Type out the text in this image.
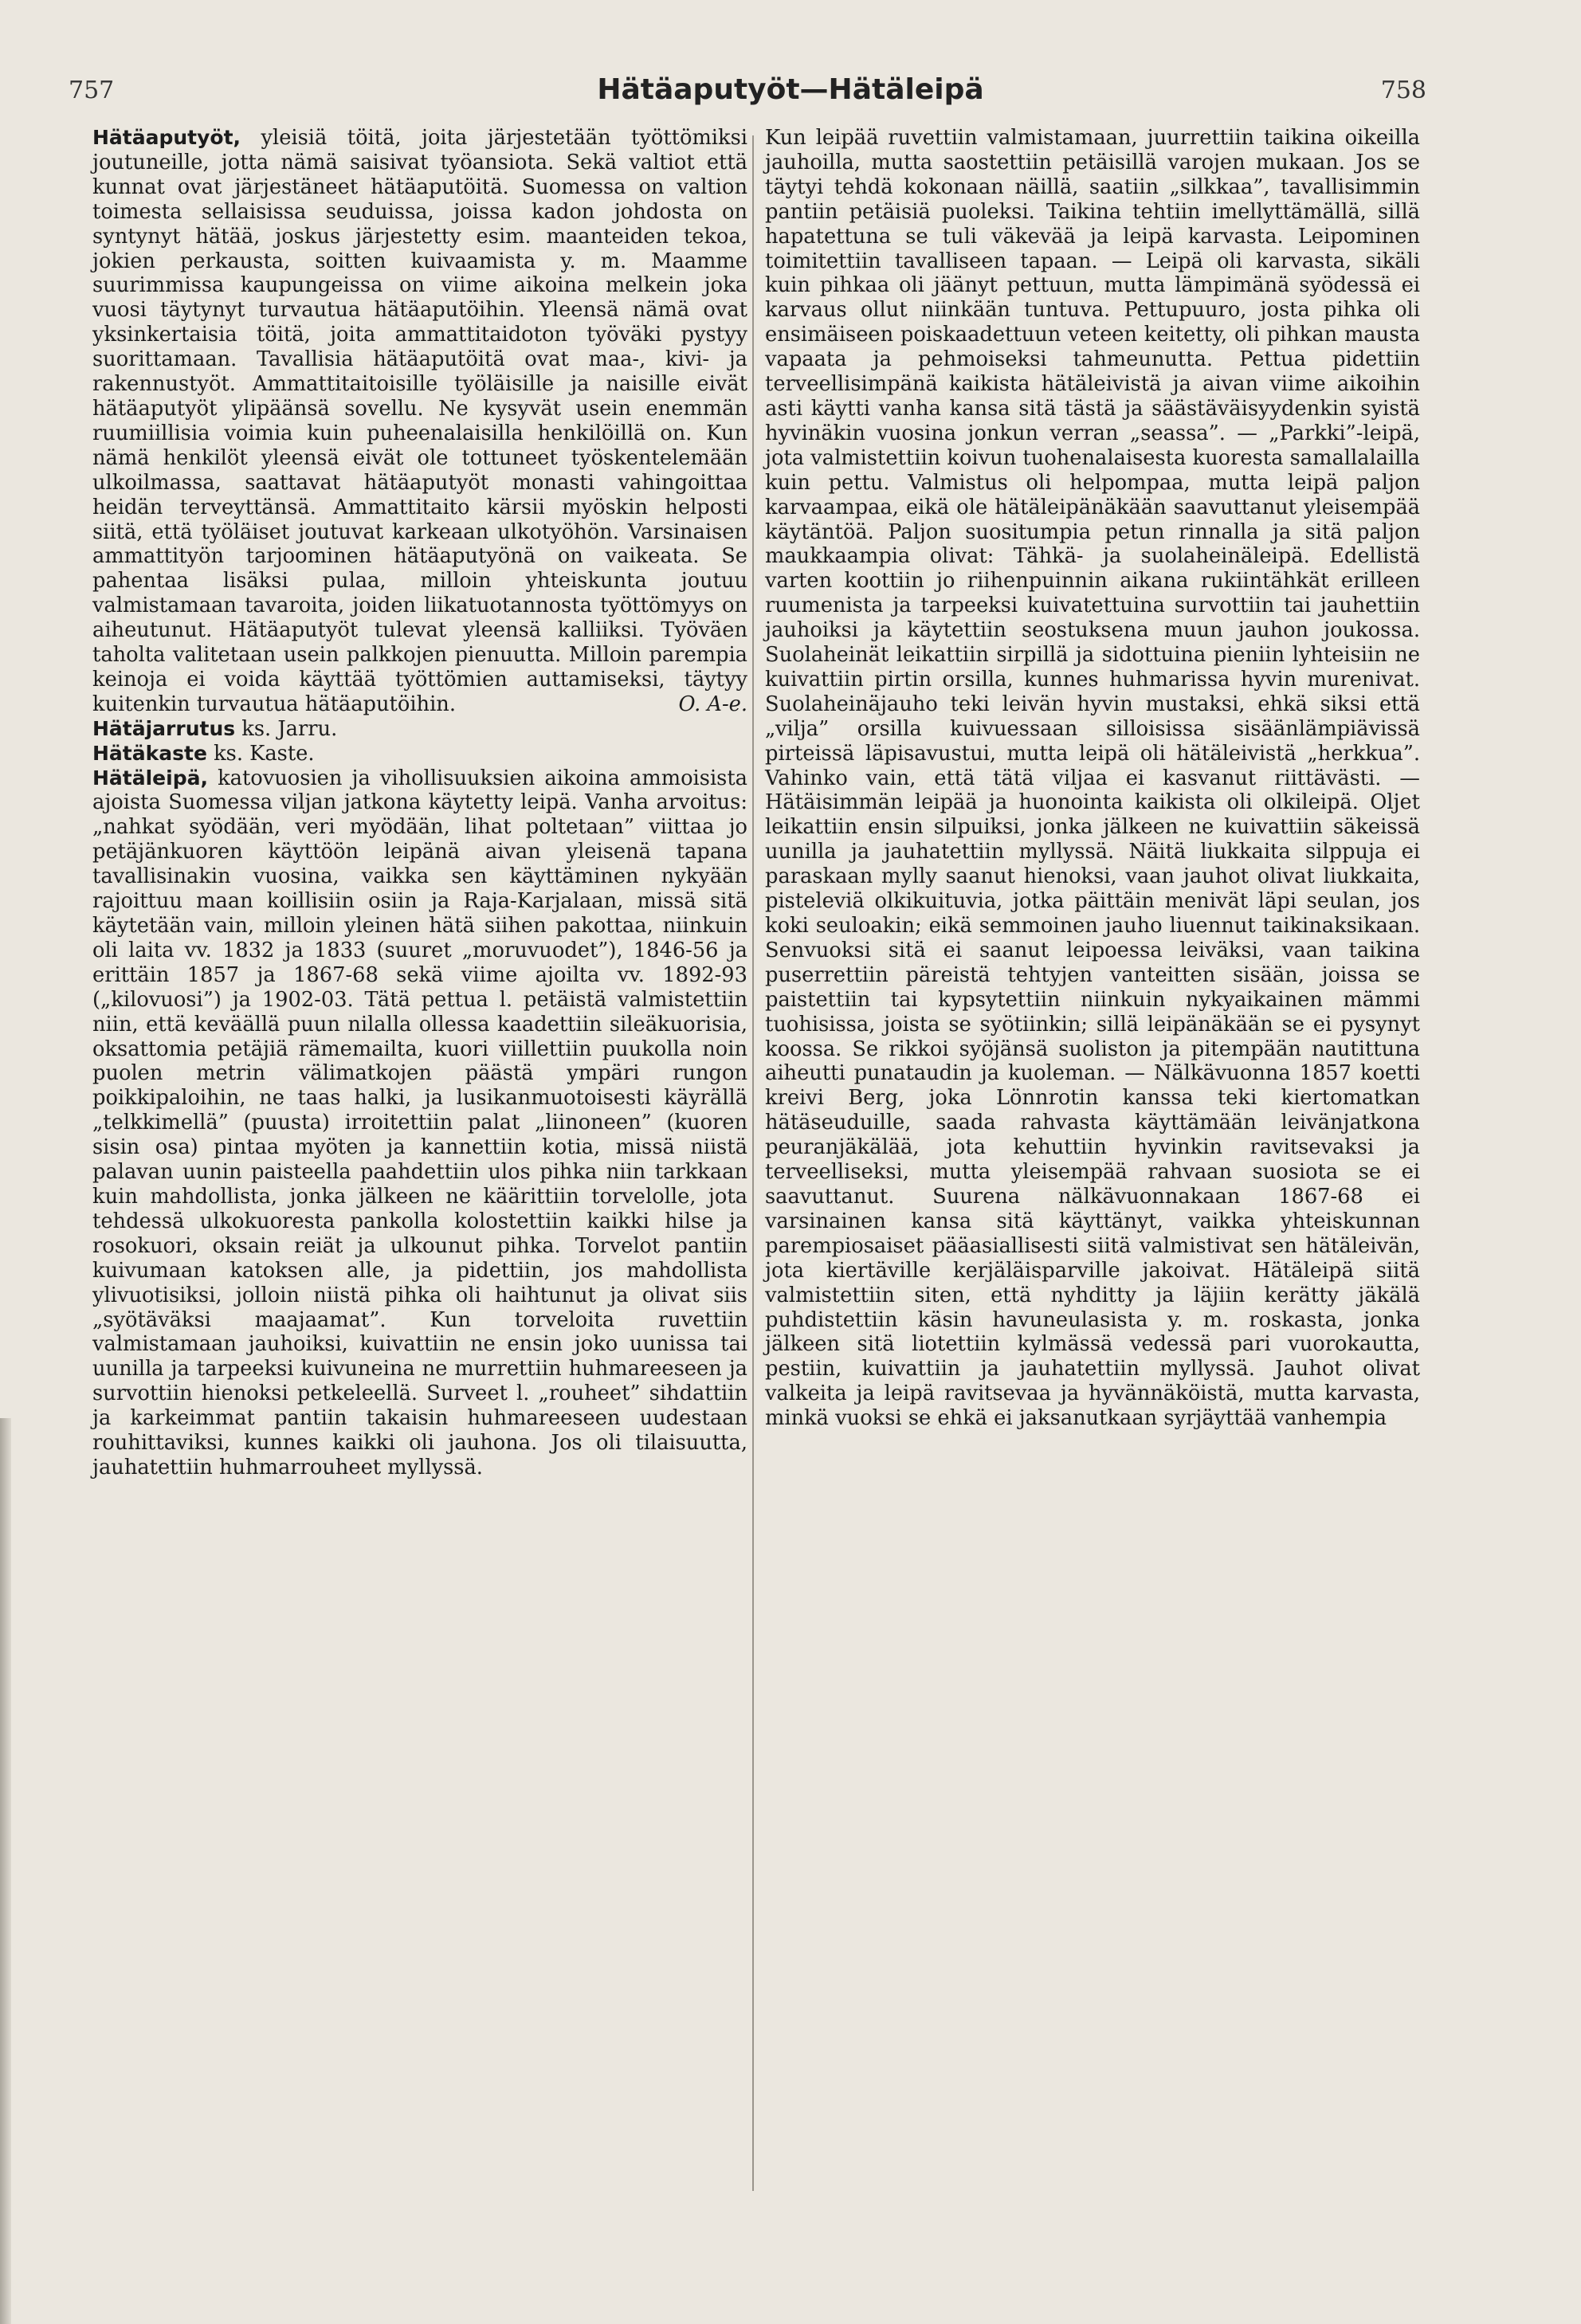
757	Hätäaputyöt—Hätäleipä	758

Hätäaputyöt, yleisiä töitä, joita järjestetään työttömiksi joutuneille, jotta nämä saisivat työansiota. Sekä valtiot että kunnat ovat järjestäneet hätäaputöitä. Suomessa on valtion toimesta sellaisissa seuduissa, joissa kadon johdosta on syntynyt hätää, joskus järjestetty esim. maanteiden tekoa, jokien perkausta, soitten kuivaamista y. m. Maamme suurimmissa kaupungeissa on viime aikoina melkein joka vuosi täytynyt turvautua hätäaputöihin. Yleensä nämä ovat yksinkertaisia töitä, joita ammattitaidoton työväki pystyy suorittamaan. Tavallisia hätäaputöitä ovat maa-, kivi- ja rakennustyöt. Ammattitaitoisille työläisille ja naisille eivät hätäaputyöt ylipäänsä sovellu. Ne kysyvät usein enemmän ruumiillisia voimia kuin puheenalaisilla henkilöillä on. Kun nämä henkilöt yleensä eivät ole tottuneet työskentelemään ulkoilmassa, saattavat hätäaputyöt monasti vahingoittaa heidän terveyttänsä. Ammattitaito kärsii myöskin helposti siitä, että työläiset joutuvat karkeaan ulkotyöhön. Varsinaisen ammattityön tarjoominen hätäaputyönä on vaikeata. Se pahentaa lisäksi pulaa, milloin yhteiskunta joutuu valmistamaan tavaroita, joiden liikatuotannosta työttömyys on aiheutunut. Hätäaputyöt tulevat yleensä kalliiksi. Työväen taholta valitetaan usein palkkojen pienuutta. Milloin parempia keinoja ei voida käyttää työttömien auttamiseksi, täytyy kuitenkin turvautua hätäaputöihin.	O. A-e.

Hätäjarrutus ks. Jarru.

Hätäkaste ks. Kaste.

Hätäleipä, katovuosien ja vihollisuuksien aikoina ammoisista ajoista Suomessa viljan jatkona käytetty leipä. Vanha arvoitus: „nahkat syödään, veri myödään, lihat poltetaan” viittaa jo petäjänkuoren käyttöön leipänä aivan yleisenä tapana tavallisinakin vuosina, vaikka sen käyttäminen nykyään rajoittuu maan koillisiin osiin ja Raja-Karjalaan, missä sitä käytetään vain, milloin yleinen hätä siihen pakottaa, niinkuin oli laita vv. 1832 ja 1833 (suuret „moruvuodet”), 1846-56 ja erittäin 1857 ja 1867-68 sekä viime ajoilta vv. 1892-93 („kilovuosi”) ja 1902-03. Tätä pettua l. petäistä valmistettiin niin, että keväällä puun nilalla ollessa kaadettiin sileäkuorisia, oksattomia petäjiä rämemailta, kuori viillettiin puukolla noin puolen metrin välimatkojen päästä ympäri rungon poikkipaloihin, ne taas halki, ja lusikanmuotoisesti käyrällä „telkkimellä” (puusta) irroitettiin palat „liinoneen” (kuoren sisin osa) pintaa myöten ja kannettiin kotia, missä niistä palavan uunin paisteella paahdettiin ulos pihka niin tarkkaan kuin mahdollista, jonka jälkeen ne käärittiin torvelolle, jota tehdessä ulkokuoresta pankolla kolostettiin kaikki hilse ja rosokuori, oksain reiät ja ulkounut pihka. Torvelot pantiin kuivumaan katoksen alle, ja pidettiin, jos mahdollista ylivuotisiksi, jolloin niistä pihka oli haihtunut ja olivat siis „syötäväksi maajaamat”. Kun torveloita ruvettiin valmistamaan jauhoiksi, kuivattiin ne ensin joko uunissa tai uunilla ja tarpeeksi kuivuneina ne murrettiin huhmareeseen ja survottiin hienoksi petkeleellä. Surveet l. „rouheet” sihdattiin ja karkeimmat pantiin takaisin huhmareeseen uudestaan rouhittaviksi, kunnes kaikki oli jauhona. Jos oli tilaisuutta, jauhatettiin huhmarrouheet myllyssä.

Kun leipää ruvettiin valmistamaan, juurrettiin taikina oikeilla jauhoilla, mutta saostettiin petäisillä varojen mukaan. Jos se täytyi tehdä kokonaan näillä, saatiin „silkkaa”, tavallisimmin pantiin petäisiä puoleksi. Taikina tehtiin imellyttämällä, sillä hapatettuna se tuli väkevää ja leipä karvasta. Leipominen toimitettiin tavalliseen tapaan. — Leipä oli karvasta, sikäli kuin pihkaa oli jäänyt pettuun, mutta lämpimänä syödessä ei karvaus ollut niinkään tuntuva. Pettupuuro, josta pihka oli ensimäiseen poiskaadettuun veteen keitetty, oli pihkan mausta vapaata ja pehmoiseksi tahmeunutta. Pettua pidettiin terveellisimpänä kaikista hätäleivistä ja aivan viime aikoihin asti käytti vanha kansa sitä tästä ja säästäväisyydenkin syistä hyvinäkin vuosina jonkun verran „seassa”. — „Parkki”-leipä, jota valmistettiin koivun tuohenalaisesta kuoresta samallalailla kuin pettu. Valmistus oli helpompaa, mutta leipä paljon karvaampaa, eikä ole hätäleipänäkään saavuttanut yleisempää käytäntöä. Paljon suositumpia petun rinnalla ja sitä paljon maukkaampia olivat: Tähkä- ja suolaheinäleipä. Edellistä varten koottiin jo riihenpuinnin aikana rukiintähkät erilleen ruumenista ja tarpeeksi kuivatettuina survottiin tai jauhettiin jauhoiksi ja käytettiin seostuksena muun jauhon joukossa. Suolaheinät leikattiin sirpillä ja sidottuina pieniin lyhteisiin ne kuivattiin pirtin orsilla, kunnes huhmarissa hyvin murenivat. Suolaheinäjauho teki leivän hyvin mustaksi, ehkä siksi että „vilja” orsilla kuivuessaan silloisissa sisäänlämpiävissä pirteissä läpisavustui, mutta leipä oli hätäleivistä „herkkua”. Vahinko vain, että tätä viljaa ei kasvanut riittävästi. — Hätäisimmän leipää ja huonointa kaikista oli olkileipä. Oljet leikattiin ensin silpuiksi, jonka jälkeen ne kuivattiin säkeissä uunilla ja jauhatettiin myllyssä. Näitä liukkaita silppuja ei paraskaan mylly saanut hienoksi, vaan jauhot olivat liukkaita, pisteleviä olkikuituvia, jotka päittäin menivät läpi seulan, jos koki seuloakin; eikä semmoinen jauho liuennut taikinaksikaan. Senvuoksi sitä ei saanut leipoessa leiväksi, vaan taikina puserrettiin päreistä tehtyjen vanteitten sisään, joissa se paistettiin tai kypsytettiin niinkuin nykyaikainen mämmi tuohisissa, joista se syötiinkin; sillä leipänäkään se ei pysynyt koossa. Se rikkoi syöjänsä suoliston ja pitempään nautittuna aiheutti punataudin ja kuoleman. — Nälkävuonna 1857 koetti kreivi Berg, joka Lönnrotin kanssa teki kiertomatkan hätäseuduille, saada rahvasta käyttämään leivänjatkona peuranjäkälää, jota kehuttiin hyvinkin ravitsevaksi ja terveelliseksi, mutta yleisempää rahvaan suosiota se ei saavuttanut. Suurena nälkävuonnakaan 1867-68 ei varsinainen kansa sitä käyttänyt, vaikka yhteiskunnan parempiosaiset pääasiallisesti siitä valmistivat sen hätäleivän, jota kiertäville kerjäläisparville jakoivat. Hätäleipä siitä valmistettiin siten, että nyhditty ja läjiin kerätty jäkälä puhdistettiin käsin havuneulasista y. m. roskasta, jonka jälkeen sitä liotettiin kylmässä vedessä pari vuorokautta, pestiin, kuivattiin ja jauhatettiin myllyssä. Jauhot olivat valkeita ja leipä ravitsevaa ja hyvännäköistä, mutta karvasta, minkä vuoksi se ehkä ei jaksanutkaan syrjäyttää vanhempia
